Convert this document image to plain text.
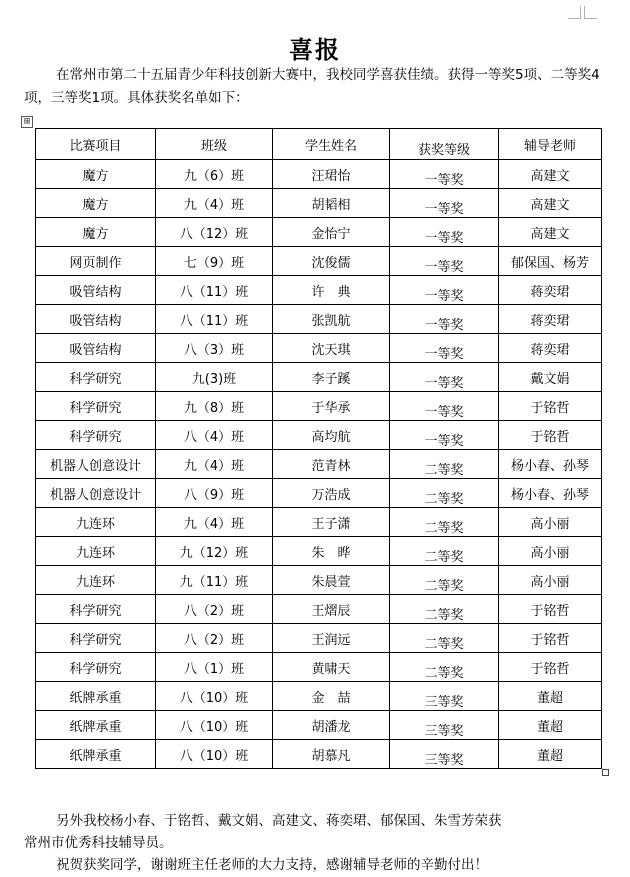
喜报
在常州市第二十五届青少年科技创新大赛中，我校同学喜获佳绩。获得一等奖5项、二等奖4项，三等奖1项。具体获奖名单如下：
⊞
比赛项目	班级	学生姓名	获奖等级	辅导老师
魔方	九（6）班	汪珺怡	一等奖	高建文
魔方	九（4）班	胡韬相	一等奖	高建文
魔方	八（12）班	金怡宁	一等奖	高建文
网页制作	七（9）班	沈俊儒	一等奖	郁保国、杨芳
吸管结构	八（11）班	许　典	一等奖	蒋奕珺
吸管结构	八（11）班	张凯航	一等奖	蒋奕珺
吸管结构	八（3）班	沈天琪	一等奖	蒋奕珺
科学研究	九(3)班	李子蹊	一等奖	戴文娟
科学研究	九（8）班	于华承	一等奖	于铭哲
科学研究	八（4）班	高均航	一等奖	于铭哲
机器人创意设计	九（4）班	范青林	二等奖	杨小春、孙琴
机器人创意设计	八（9）班	万浩成	二等奖	杨小春、孙琴
九连环	九（4）班	王子潇	二等奖	高小丽
九连环	九（12）班	朱　晔	二等奖	高小丽
九连环	九（11）班	朱晨萱	二等奖	高小丽
科学研究	八（2）班	王熠辰	二等奖	于铭哲
科学研究	八（2）班	王润远	二等奖	于铭哲
科学研究	八（1）班	黄啸天	二等奖	于铭哲
纸牌承重	八（10）班	金　喆	三等奖	董超
纸牌承重	八（10）班	胡潘龙	三等奖	董超
纸牌承重	八（10）班	胡慕凡	三等奖	董超

另外我校杨小春、于铭哲、戴文娟、高建文、蒋奕珺、郁保国、朱雪芳荣获

常州市优秀科技辅导员。

祝贺获奖同学，谢谢班主任老师的大力支持，感谢辅导老师的辛勤付出！
